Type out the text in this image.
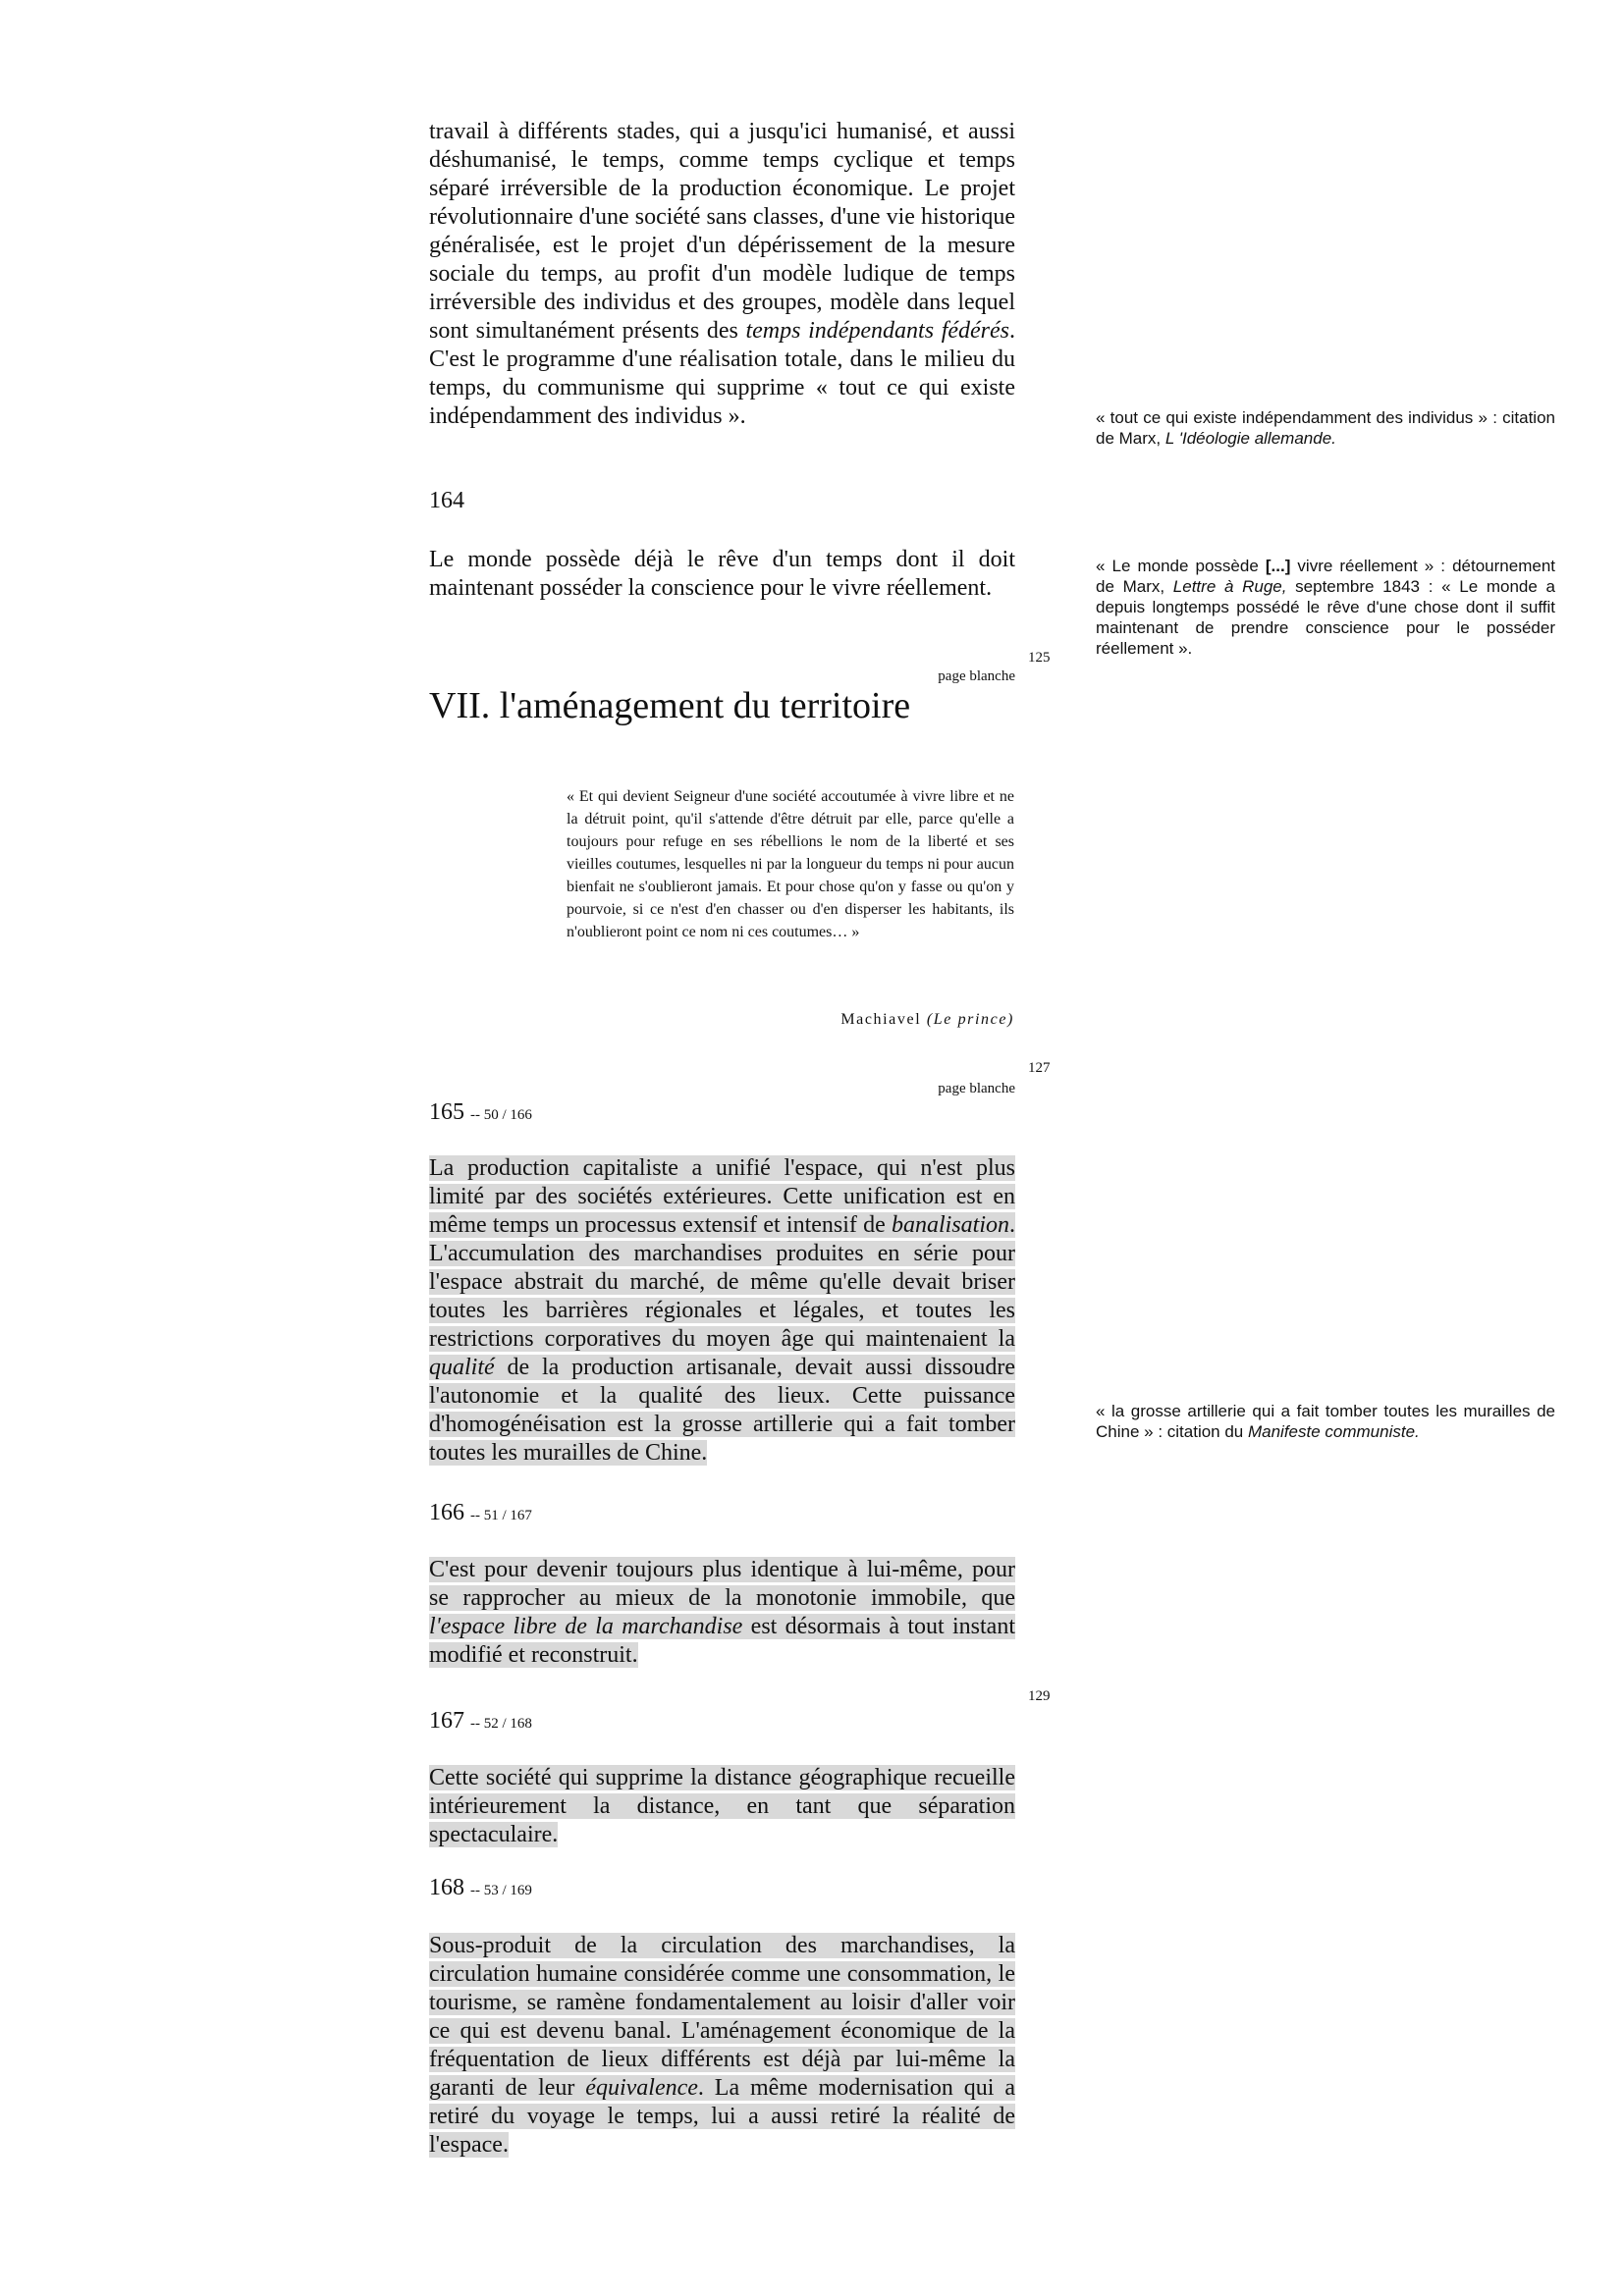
travail à différents stades, qui a jusqu'ici humanisé, et aussi déshumanisé, le temps, comme temps cyclique et temps séparé irréversible de la production économique. Le projet révolutionnaire d'une société sans classes, d'une vie historique généralisée, est le projet d'un dépérissement de la mesure sociale du temps, au profit d'un modèle ludique de temps irréversible des individus et des groupes, modèle dans lequel sont simultanément présents des temps indépendants fédérés. C'est le programme d'une réalisation totale, dans le milieu du temps, du communisme qui supprime « tout ce qui existe indépendamment des individus ».	« tout ce qui existe indépendamment des individus » : citation de Marx, L 'Idéologie allemande.
164
Le monde possède déjà le rêve d'un temps dont il doit maintenant posséder la conscience pour le vivre réellement.
« Le monde possède [...] vivre réellement » : détournement de Marx, Lettre à Ruge, septembre 1843 : « Le monde a depuis longtemps possédé le rêve d'une chose dont il suffit maintenant de prendre conscience pour le posséder réellement ».
125
page blanche
VII. l'aménagement du territoire
« Et qui devient Seigneur d'une société accoutumée à vivre libre et ne la détruit point, qu'il s'attende d'être détruit par elle, parce qu'elle a toujours pour refuge en ses rébellions le nom de la liberté et ses vieilles coutumes, lesquelles ni par la longueur du temps ni pour aucun bienfait ne s'oublieront jamais. Et pour chose qu'on y fasse ou qu'on y pourvoie, si ce n'est d'en chasser ou d'en disperser les habitants, ils n'oublieront point ce nom ni ces coutumes… »
Machiavel (Le prince)
127
page blanche
165 -- 50 / 166
La production capitaliste a unifié l'espace, qui n'est plus limité par des sociétés extérieures. Cette unification est en même temps un processus extensif et intensif de banalisation. L'accumulation des marchandises produites en série pour l'espace abstrait du marché, de même qu'elle devait briser toutes les barrières régionales et légales, et toutes les restrictions corporatives du moyen âge qui maintenaient la qualité de la production artisanale, devait aussi dissoudre l'autonomie et la qualité des lieux. Cette puissance d'homogénéisation est la grosse artillerie qui a fait tomber toutes les murailles de Chine.
« la grosse artillerie qui a fait tomber toutes les murailles de Chine » : citation du Manifeste communiste.
166 -- 51 / 167
C'est pour devenir toujours plus identique à lui-même, pour se rapprocher au mieux de la monotonie immobile, que l'espace libre de la marchandise est désormais à tout instant modifié et reconstruit.
129
167 -- 52 / 168
Cette société qui supprime la distance géographique recueille intérieurement la distance, en tant que séparation spectaculaire.
168 -- 53 / 169
Sous-produit de la circulation des marchandises, la circulation humaine considérée comme une consommation, le tourisme, se ramène fondamentalement au loisir d'aller voir ce qui est devenu banal. L'aménagement économique de la fréquentation de lieux différents est déjà par lui-même la garanti de leur équivalence. La même modernisation qui a retiré du voyage le temps, lui a aussi retiré la réalité de l'espace.
